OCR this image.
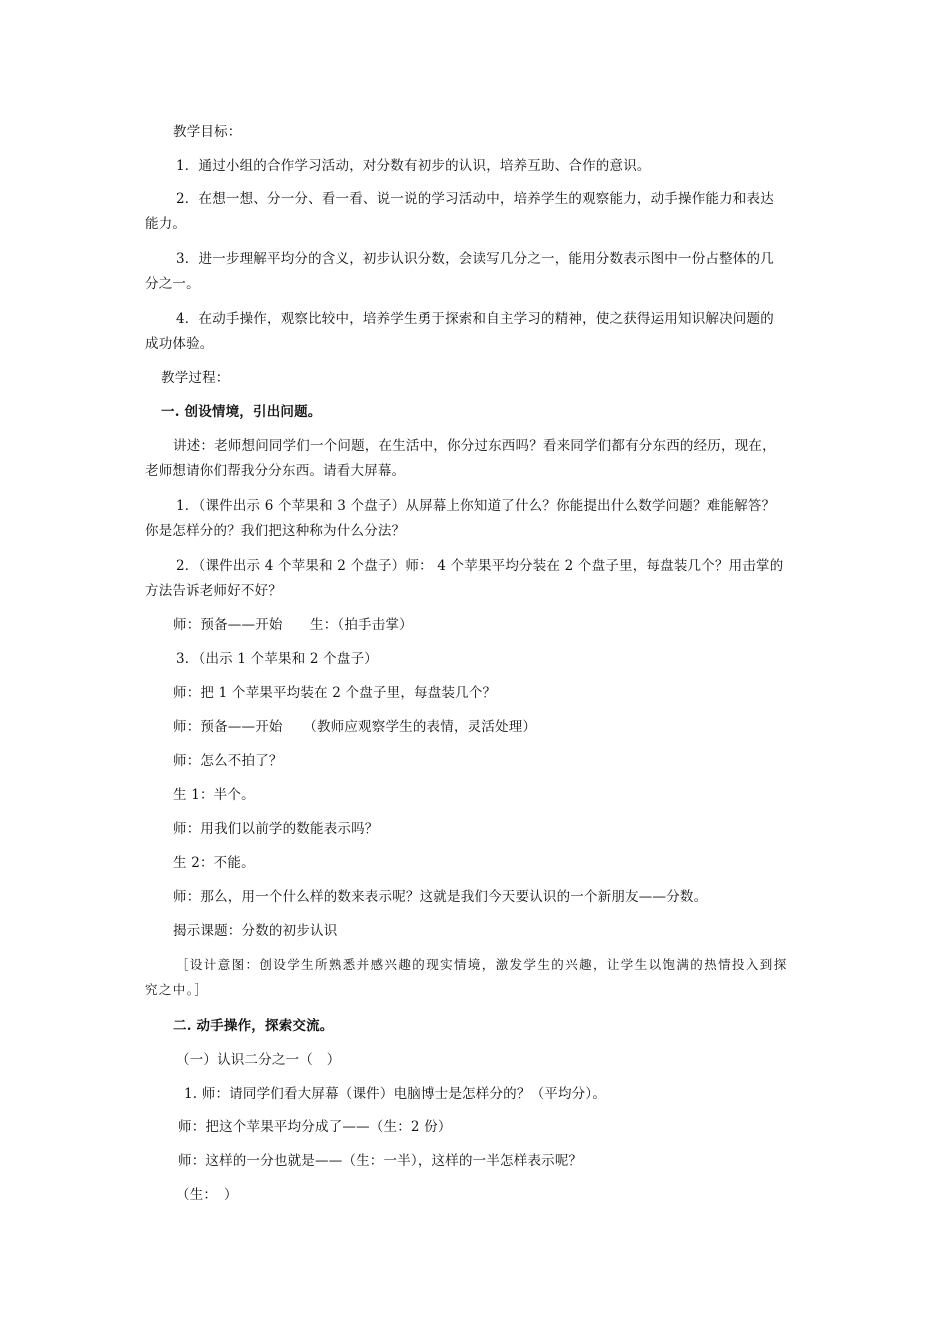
教学目标：
1．通过小组的合作学习活动，对分数有初步的认识，培养互助、合作的意识。
2．在想一想、分一分、看一看、说一说的学习活动中，培养学生的观察能力，动手操作能力和表达
能力。
3．进一步理解平均分的含义，初步认识分数，会读写几分之一，能用分数表示图中一份占整体的几
分之一。
4．在动手操作，观察比较中，培养学生勇于探索和自主学习的精神，使之获得运用知识解决问题的
成功体验。
教学过程：
一. 创设情境，引出问题。
讲述：老师想问同学们一个问题，在生活中，你分过东西吗？看来同学们都有分东西的经历，现在，
老师想请你们帮我分分东西。请看大屏幕。
1．（课件出示 6 个苹果和 3 个盘子）从屏幕上你知道了什么？你能提出什么数学问题？难能解答？
你是怎样分的？我们把这种称为什么分法？
2．（课件出示 4 个苹果和 2 个盘子）师： 4 个苹果平均分装在 2 个盘子里，每盘装几个？用击掌的
方法告诉老师好不好？
师：预备——开始　　生：（拍手击掌）
3．（出示 1 个苹果和 2 个盘子）
师：把 1 个苹果平均装在 2 个盘子里，每盘装几个？
师：预备——开始　　（教师应观察学生的表情，灵活处理）
师：怎么不拍了？
生 1：半个。
师：用我们以前学的数能表示吗？
生 2：不能。
师：那么，用一个什么样的数来表示呢？这就是我们今天要认识的一个新朋友——分数。
揭示课题：分数的初步认识
［设计意图：创设学生所熟悉并感兴趣的现实情境，激发学生的兴趣，让学生以饱满的热情投入到探
究之中。］
二. 动手操作，探索交流。
（一）认识二分之一（　）
1. 师：请同学们看大屏幕（课件）电脑博士是怎样分的？（平均分）。
师：把这个苹果平均分成了——（生：2 份）
师：这样的一分也就是——（生：一半），这样的一半怎样表示呢？
（生：　）
